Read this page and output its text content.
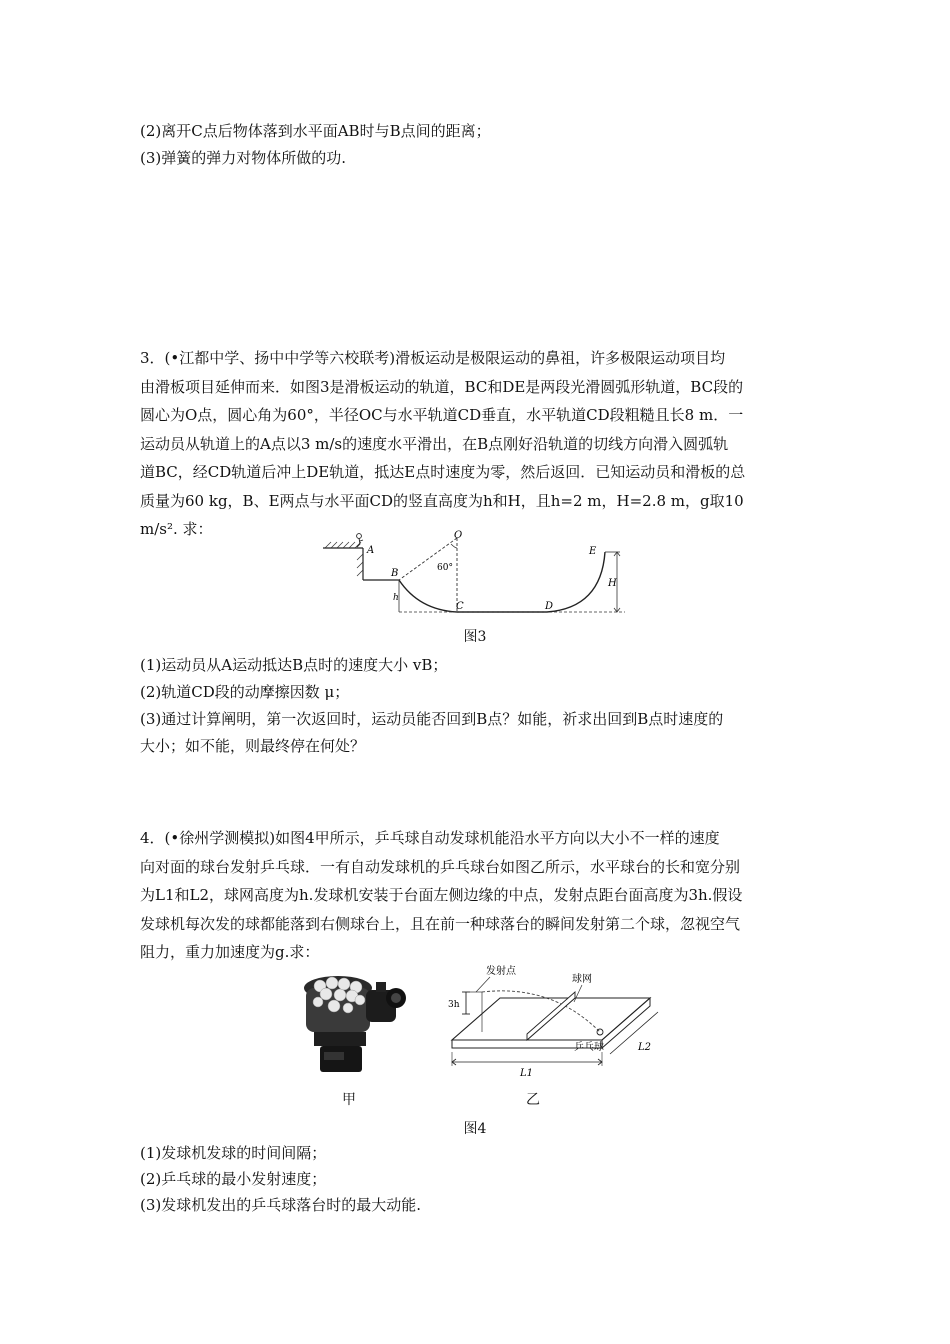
(2)离开C点后物体落到水平面AB时与B点间的距离；
(3)弹簧的弹力对物体所做的功.
3．(•江都中学、扬中中学等六校联考)滑板运动是极限运动的鼻祖，许多极限运动项目均
由滑板项目延伸而来．如图3是滑板运动的轨道，BC和DE是两段光滑圆弧形轨道，BC段的
圆心为O点，圆心角为60°，半径OC与水平轨道CD垂直，水平轨道CD段粗糙且长8 m．一
运动员从轨道上的A点以3 m/s的速度水平滑出，在B点刚好沿轨道的切线方向滑入圆弧轨
道BC，经CD轨道后冲上DE轨道，抵达E点时速度为零，然后返回．已知运动员和滑板的总
质量为60 kg，B、E两点与水平面CD的竖直高度为h和H，且h=2 m，H=2.8 m，g取10
m/s². 求：
A
O
60°
B
h
C	D
E
H
图3
(1)运动员从A运动抵达B点时的速度大小 vB；
(2)轨道CD段的动摩擦因数 μ；
(3)通过计算阐明，第一次返回时，运动员能否回到B点？如能，祈求出回到B点时速度的
大小；如不能，则最终停在何处？
4．(•徐州学测模拟)如图4甲所示，乒乓球自动发球机能沿水平方向以大小不一样的速度
向对面的球台发射乒乓球．一有自动发球机的乒乓球台如图乙所示，水平球台的长和宽分别
为L1和L2，球网高度为h.发球机安装于台面左侧边缘的中点，发射点距台面高度为3h.假设
发球机每次发的球都能落到右侧球台上，且在前一种球落台的瞬间发射第二个球，忽视空气
阻力，重力加速度为g.求：
甲
发射点
球网
3h
乒乓球
L1
L2
乙
图4
(1)发球机发球的时间间隔；
(2)乒乓球的最小发射速度；
(3)发球机发出的乒乓球落台时的最大动能.
